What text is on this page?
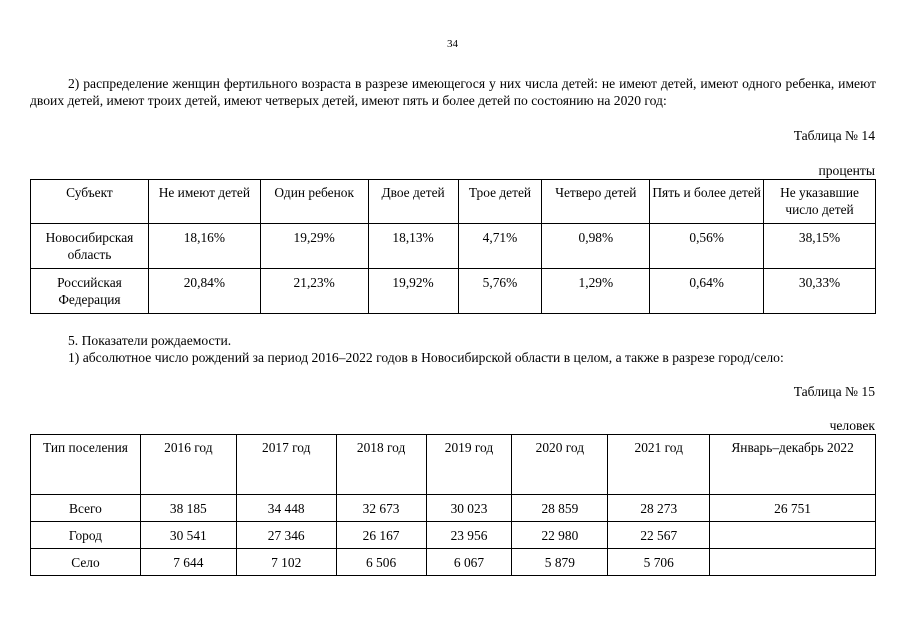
34
2) распределение женщин фертильного возраста в разрезе имеющегося у них числа детей: не имеют детей, имеют одного ребенка, имеют двоих детей, имеют троих детей, имеют четверых детей, имеют пять и более детей по состоянию на 2020 год:
Таблица № 14
проценты
Субъект	Не имеют детей	Один ребенок	Двое детей	Трое детей	Четверо детей	Пять и более детей	Не указавшие число детей
Новосибирская область	18,16%	19,29%	18,13%	4,71%	0,98%	0,56%	38,15%
Российская Федерация	20,84%	21,23%	19,92%	5,76%	1,29%	0,64%	30,33%
5. Показатели рождаемости.
1) абсолютное число рождений за период 2016–2022 годов в Новосибирской области в целом, а также в разрезе город/село:
Таблица № 15
человек
Тип поселения	2016 год	2017 год	2018 год	2019 год	2020 год	2021 год	Январь–декабрь 2022
Всего	38 185	34 448	32 673	30 023	28 859	28 273	26 751
Город	30 541	27 346	26 167	23 956	22 980	22 567	
Село	7 644	7 102	6 506	6 067	5 879	5 706	
